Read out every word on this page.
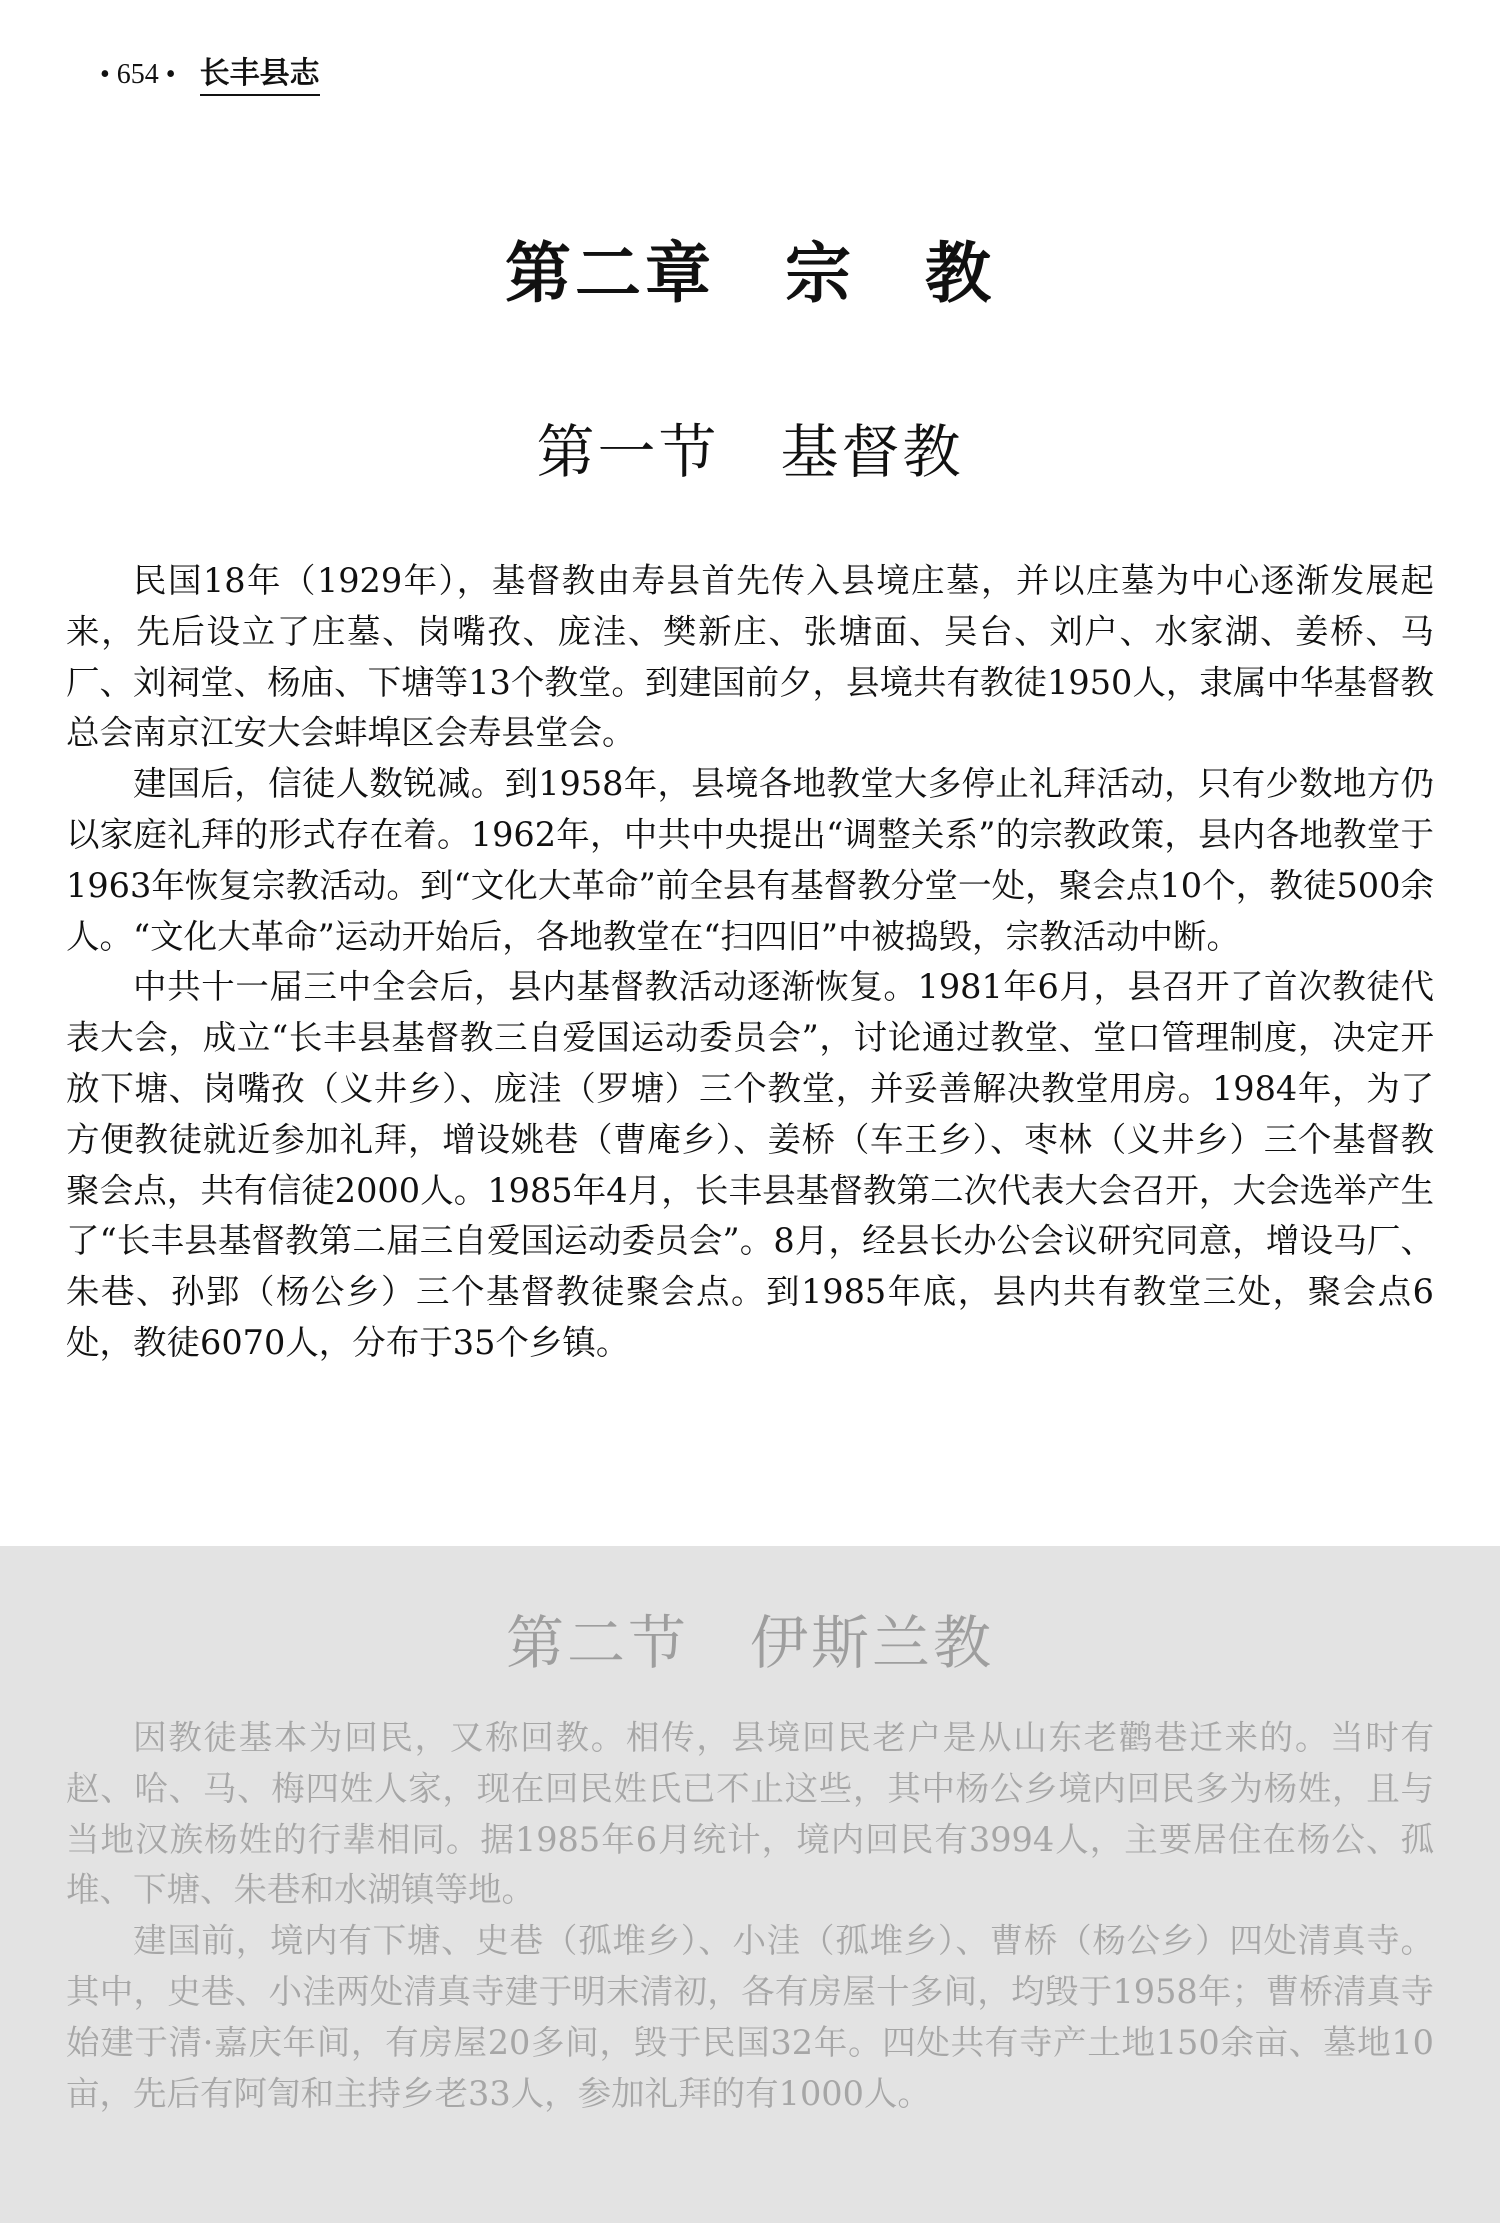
• 654 • 长丰县志
第二章　宗　教
第一节　基督教

民国18年（1929年），基督教由寿县首先传入县境庄墓，并以庄墓为中心逐渐发展起来，先后设立了庄墓、岗嘴孜、庞洼、樊新庄、张塘面、吴台、刘户、水家湖、姜桥、马厂、刘祠堂、杨庙、下塘等13个教堂。到建国前夕，县境共有教徒1950人，隶属中华基督教总会南京江安大会蚌埠区会寿县堂会。

建国后，信徒人数锐减。到1958年，县境各地教堂大多停止礼拜活动，只有少数地方仍以家庭礼拜的形式存在着。1962年，中共中央提出“调整关系”的宗教政策，县内各地教堂于1963年恢复宗教活动。到“文化大革命”前全县有基督教分堂一处，聚会点10个，教徒500余人。“文化大革命”运动开始后，各地教堂在“扫四旧”中被捣毁，宗教活动中断。

中共十一届三中全会后，县内基督教活动逐渐恢复。1981年6月，县召开了首次教徒代表大会，成立“长丰县基督教三自爱国运动委员会”，讨论通过教堂、堂口管理制度，决定开放下塘、岗嘴孜（义井乡）、庞洼（罗塘）三个教堂，并妥善解决教堂用房。1984年，为了方便教徒就近参加礼拜，增设姚巷（曹庵乡）、姜桥（车王乡）、枣林（义井乡）三个基督教聚会点，共有信徒2000人。1985年4月，长丰县基督教第二次代表大会召开，大会选举产生了“长丰县基督教第二届三自爱国运动委员会”。8月，经县长办公会议研究同意，增设马厂、朱巷、孙郢（杨公乡）三个基督教徒聚会点。到1985年底，县内共有教堂三处，聚会点6处，教徒6070人，分布于35个乡镇。

第二节　伊斯兰教

因教徒基本为回民，又称回教。相传，县境回民老户是从山东老鹳巷迁来的。当时有赵、哈、马、梅四姓人家，现在回民姓氏已不止这些，其中杨公乡境内回民多为杨姓，且与当地汉族杨姓的行辈相同。据1985年6月统计，境内回民有3994人，主要居住在杨公、孤堆、下塘、朱巷和水湖镇等地。

建国前，境内有下塘、史巷（孤堆乡）、小洼（孤堆乡）、曹桥（杨公乡）四处清真寺。其中，史巷、小洼两处清真寺建于明末清初，各有房屋十多间，均毁于1958年；曹桥清真寺始建于清·嘉庆年间，有房屋20多间，毁于民国32年。四处共有寺产土地150余亩、墓地10亩，先后有阿訇和主持乡老33人，参加礼拜的有1000人。
